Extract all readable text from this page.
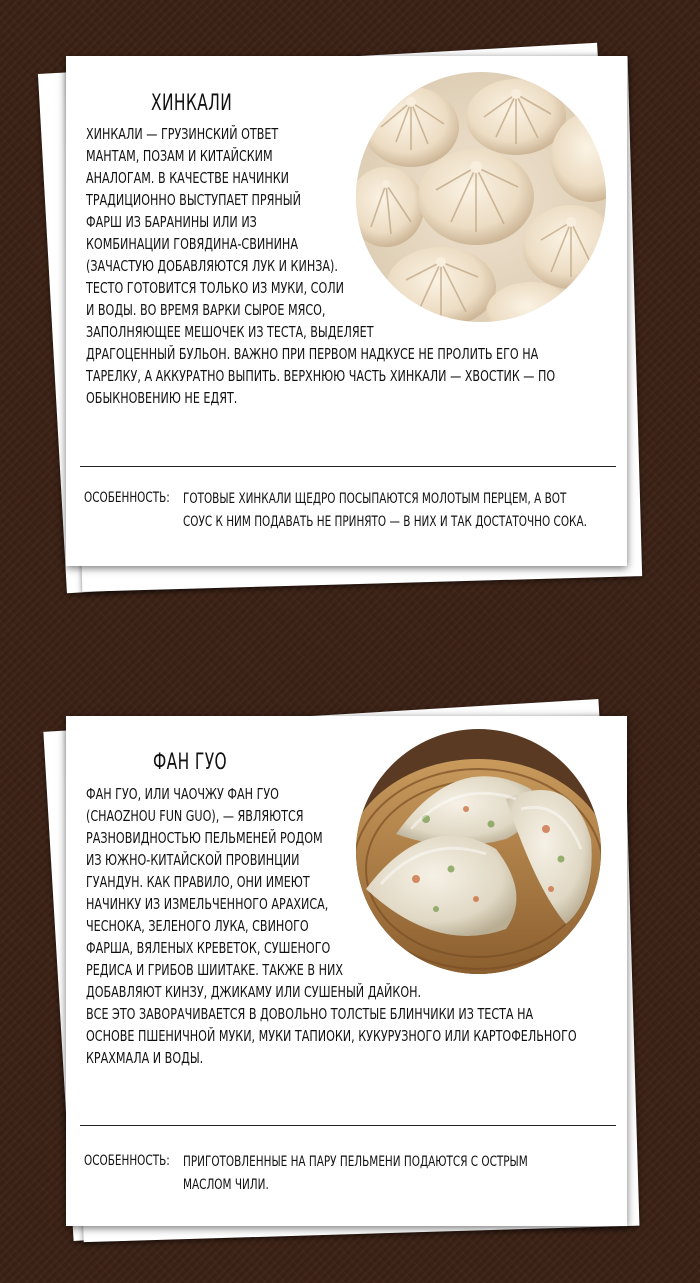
ХИНКАЛИ
ХИНКАЛИ — ГРУЗИНСКИЙ ОТВЕТ
МАНТАМ, ПОЗАМ И КИТАЙСКИМ
АНАЛОГАМ. В КАЧЕСТВЕ НАЧИНКИ
ТРАДИЦИОННО ВЫСТУПАЕТ ПРЯНЫЙ
ФАРШ ИЗ БАРАНИНЫ ИЛИ ИЗ
КОМБИНАЦИИ ГОВЯДИНА-СВИНИНА
(ЗАЧАСТУЮ ДОБАВЛЯЮТСЯ ЛУК И КИНЗА).
ТЕСТО ГОТОВИТСЯ ТОЛЬКО ИЗ МУКИ, СОЛИ
И ВОДЫ. ВО ВРЕМЯ ВАРКИ СЫРОЕ МЯСО,
ЗАПОЛНЯЮЩЕЕ МЕШОЧЕК ИЗ ТЕСТА, ВЫДЕЛЯЕТ
ДРАГОЦЕННЫЙ БУЛЬОН. ВАЖНО ПРИ ПЕРВОМ НАДКУСЕ НЕ ПРОЛИТЬ ЕГО НА
ТАРЕЛКУ, А АККУРАТНО ВЫПИТЬ. ВЕРХНЮЮ ЧАСТЬ ХИНКАЛИ — ХВОСТИК — ПО
ОБЫКНОВЕНИЮ НЕ ЕДЯТ.
ОСОБЕННОСТЬ: ГОТОВЫЕ ХИНКАЛИ ЩЕДРО ПОСЫПАЮТСЯ МОЛОТЫМ ПЕРЦЕМ, А ВОТ
СОУС К НИМ ПОДАВАТЬ НЕ ПРИНЯТО — В НИХ И ТАК ДОСТАТОЧНО СОКА.
ФАН ГУО
ФАН ГУО, ИЛИ ЧАОЧЖУ ФАН ГУО
(CHAOZHOU FUN GUO), — ЯВЛЯЮТСЯ
РАЗНОВИДНОСТЬЮ ПЕЛЬМЕНЕЙ РОДОМ
ИЗ ЮЖНО-КИТАЙСКОЙ ПРОВИНЦИИ
ГУАНДУН. КАК ПРАВИЛО, ОНИ ИМЕЮТ
НАЧИНКУ ИЗ ИЗМЕЛЬЧЕННОГО АРАХИСА,
ЧЕСНОКА, ЗЕЛЕНОГО ЛУКА, СВИНОГО
ФАРША, ВЯЛЕНЫХ КРЕВЕТОК, СУШЕНОГО
РЕДИСА И ГРИБОВ ШИИТАКЕ. ТАКЖЕ В НИХ
ДОБАВЛЯЮТ КИНЗУ, ДЖИКАМУ ИЛИ СУШЕНЫЙ ДАЙКОН.
ВСЕ ЭТО ЗАВОРАЧИВАЕТСЯ В ДОВОЛЬНО ТОЛСТЫЕ БЛИНЧИКИ ИЗ ТЕСТА НА
ОСНОВЕ ПШЕНИЧНОЙ МУКИ, МУКИ ТАПИОКИ, КУКУРУЗНОГО ИЛИ КАРТОФЕЛЬНОГО
КРАХМАЛА И ВОДЫ.
ОСОБЕННОСТЬ: ПРИГОТОВЛЕННЫЕ НА ПАРУ ПЕЛЬМЕНИ ПОДАЮТСЯ С ОСТРЫМ
МАСЛОМ ЧИЛИ.
